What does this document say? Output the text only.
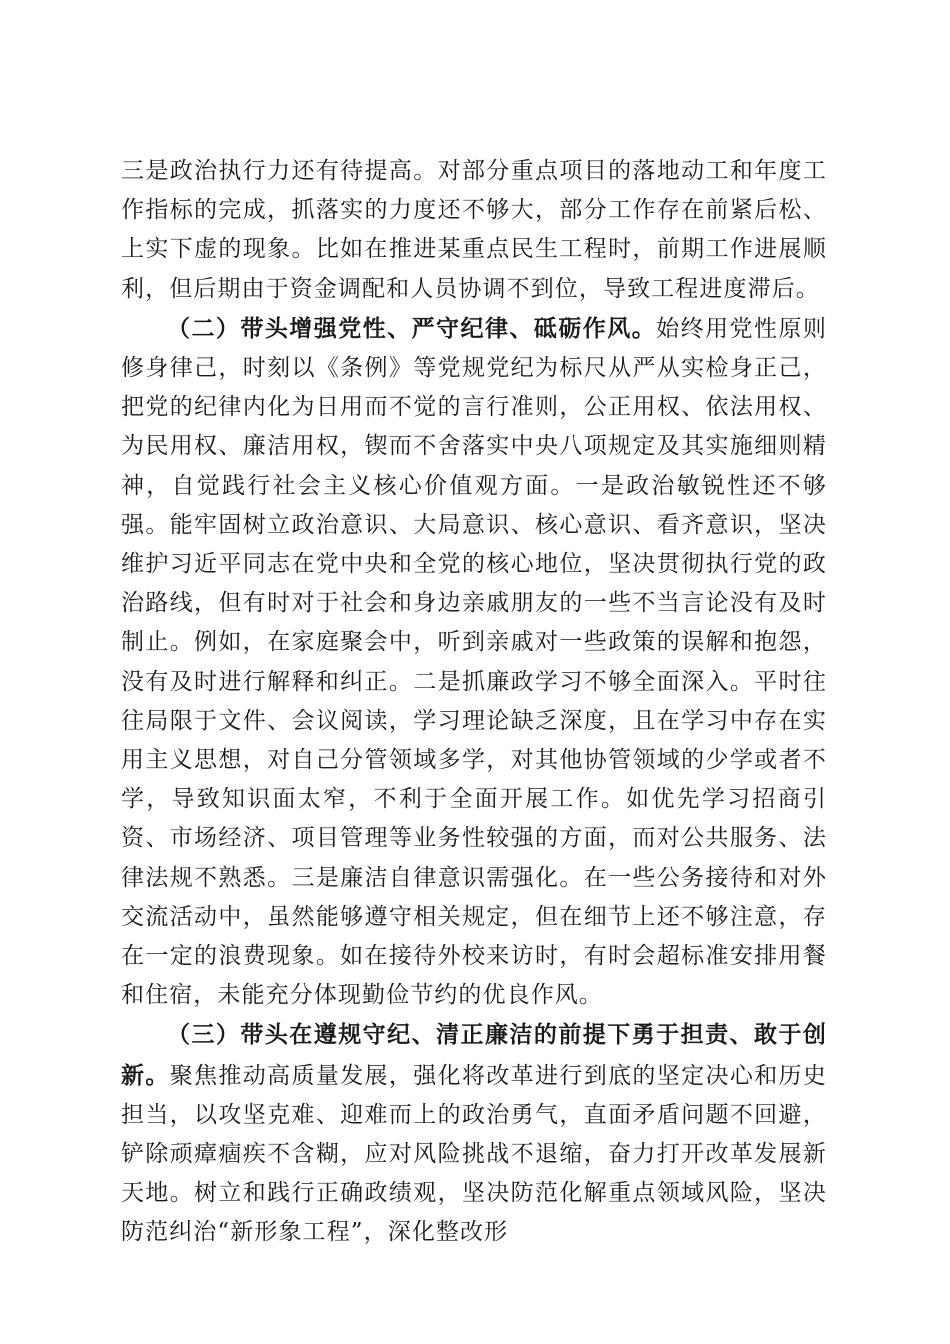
三是政治执行力还有待提高。对部分重点项目的落地动工和年度工作指标的完成，抓落实的力度还不够大，部分工作存在前紧后松、上实下虚的现象。比如在推进某重点民生工程时，前期工作进展顺利，但后期由于资金调配和人员协调不到位，导致工程进度滞后。

（二）带头增强党性、严守纪律、砥砺作风。始终用党性原则修身律己，时刻以《条例》等党规党纪为标尺从严从实检身正己，把党的纪律内化为日用而不觉的言行准则，公正用权、依法用权、为民用权、廉洁用权，锲而不舍落实中央八项规定及其实施细则精神，自觉践行社会主义核心价值观方面。一是政治敏锐性还不够强。能牢固树立政治意识、大局意识、核心意识、看齐意识，坚决维护习近平同志在党中央和全党的核心地位，坚决贯彻执行党的政治路线，但有时对于社会和身边亲戚朋友的一些不当言论没有及时制止。例如，在家庭聚会中，听到亲戚对一些政策的误解和抱怨，没有及时进行解释和纠正。二是抓廉政学习不够全面深入。平时往往局限于文件、会议阅读，学习理论缺乏深度，且在学习中存在实用主义思想，对自己分管领域多学，对其他协管领域的少学或者不学，导致知识面太窄，不利于全面开展工作。如优先学习招商引资、市场经济、项目管理等业务性较强的方面，而对公共服务、法律法规不熟悉。三是廉洁自律意识需强化。在一些公务接待和对外交流活动中，虽然能够遵守相关规定，但在细节上还不够注意，存在一定的浪费现象。如在接待外校来访时，有时会超标准安排用餐和住宿，未能充分体现勤俭节约的优良作风。

（三）带头在遵规守纪、清正廉洁的前提下勇于担责、敢于创新。聚焦推动高质量发展，强化将改革进行到底的坚定决心和历史担当，以攻坚克难、迎难而上的政治勇气，直面矛盾问题不回避，铲除顽瘴痼疾不含糊，应对风险挑战不退缩，奋力打开改革发展新天地。树立和践行正确政绩观，坚决防范化解重点领域风险，坚决防范纠治“新形象工程”，深化整改形
